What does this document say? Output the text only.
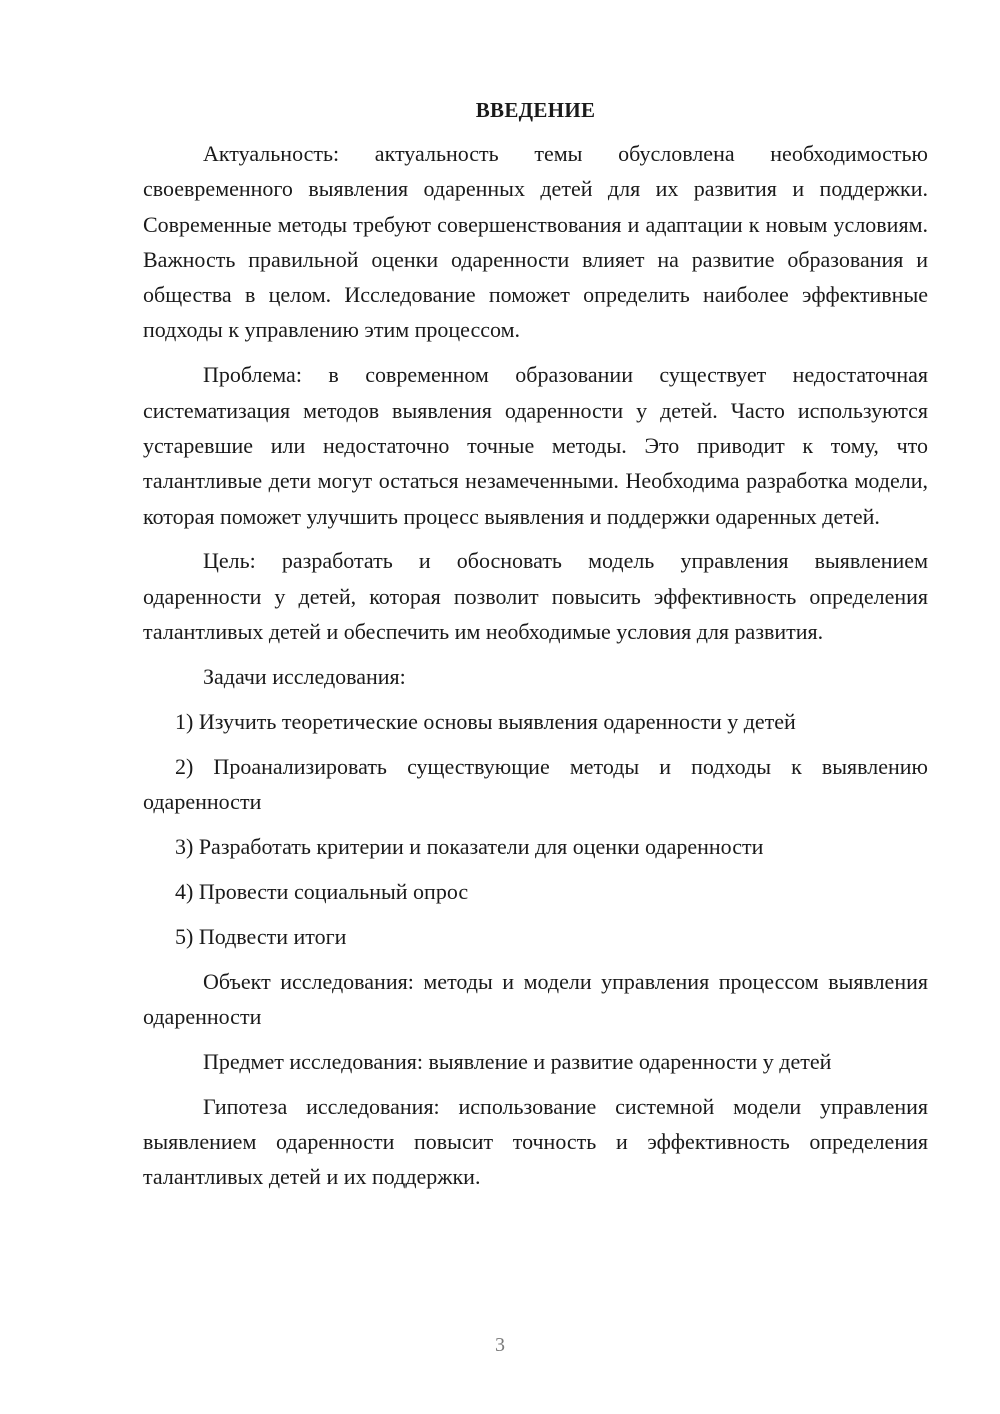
ВВЕДЕНИЕ

Актуальность: актуальность темы обусловлена необходимостью своевременного выявления одаренных детей для их развития и поддержки. Современные методы требуют совершенствования и адаптации к новым условиям. Важность правильной оценки одаренности влияет на развитие образования и общества в целом. Исследование поможет определить наиболее эффективные подходы к управлению этим процессом.

Проблема: в современном образовании существует недостаточная систематизация методов выявления одаренности у детей. Часто используются устаревшие или недостаточно точные методы. Это приводит к тому, что талантливые дети могут остаться незамеченными. Необходима разработка модели, которая поможет улучшить процесс выявления и поддержки одаренных детей.

Цель: разработать и обосновать модель управления выявлением одаренности у детей, которая позволит повысить эффективность определения талантливых детей и обеспечить им необходимые условия для развития.

Задачи исследования:

1) Изучить теоретические основы выявления одаренности у детей

2) Проанализировать существующие методы и подходы к выявлению одаренности

3) Разработать критерии и показатели для оценки одаренности

4) Провести социальный опрос

5) Подвести итоги

Объект исследования: методы и модели управления процессом выявления одаренности

Предмет исследования: выявление и развитие одаренности у детей

Гипотеза исследования: использование системной модели управления выявлением одаренности повысит точность и эффективность определения талантливых детей и их поддержки.

3
